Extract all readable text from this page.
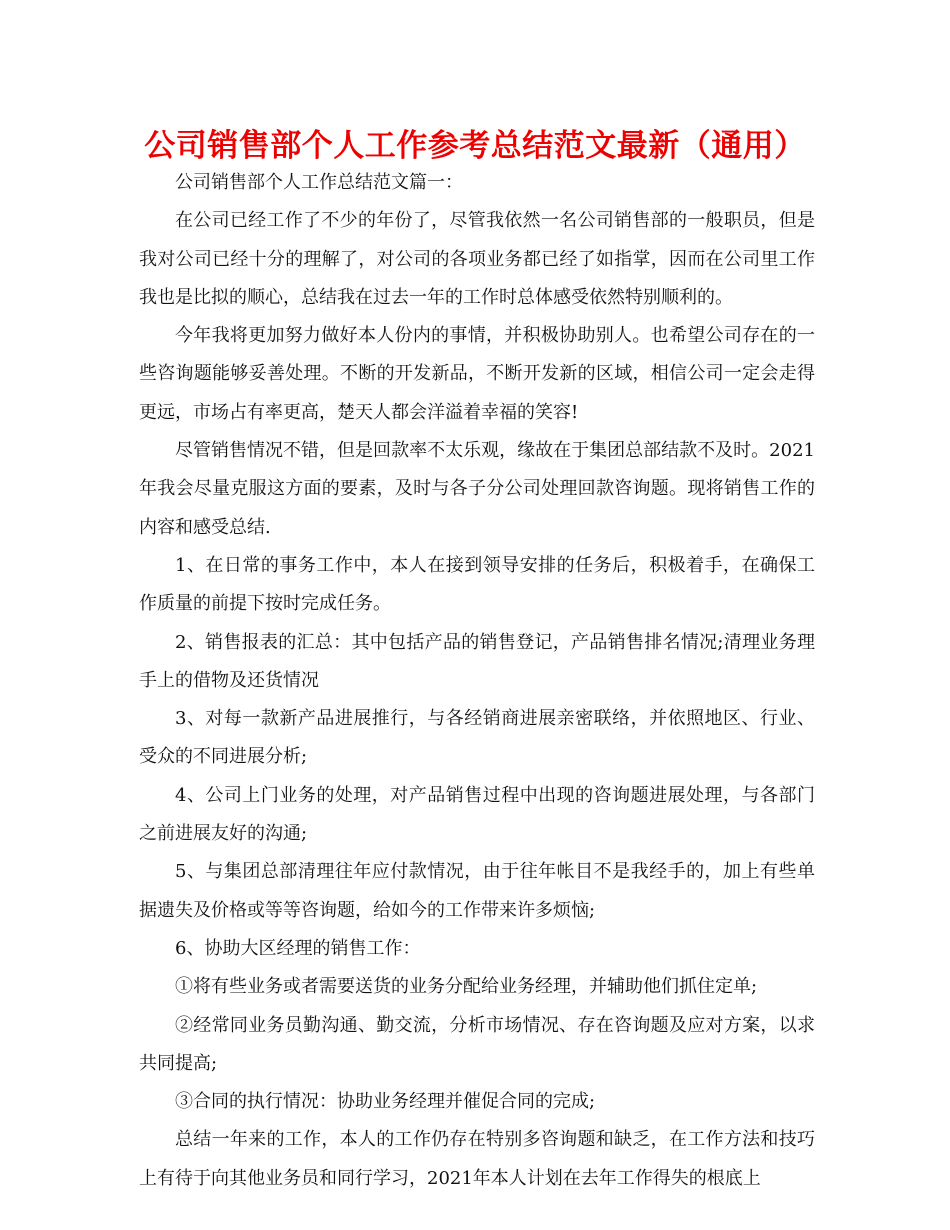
公司销售部个人工作参考总结范文最新（通用）

公司销售部个人工作总结范文篇一：

在公司已经工作了不少的年份了，尽管我依然一名公司销售部的一般职员，但是我对公司已经十分的理解了，对公司的各项业务都已经了如指掌，因而在公司里工作我也是比拟的顺心，总结我在过去一年的工作时总体感受依然特别顺利的。

今年我将更加努力做好本人份内的事情，并积极协助别人。也希望公司存在的一些咨询题能够妥善处理。不断的开发新品，不断开发新的区域，相信公司一定会走得更远，市场占有率更高，楚天人都会洋溢着幸福的笑容!

尽管销售情况不错，但是回款率不太乐观，缘故在于集团总部结款不及时。2021年我会尽量克服这方面的要素，及时与各子分公司处理回款咨询题。现将销售工作的内容和感受总结.

1、在日常的事务工作中，本人在接到领导安排的任务后，积极着手，在确保工作质量的前提下按时完成任务。

2、销售报表的汇总：其中包括产品的销售登记，产品销售排名情况;清理业务理手上的借物及还货情况

3、对每一款新产品进展推行，与各经销商进展亲密联络，并依照地区、行业、受众的不同进展分析;

4、公司上门业务的处理，对产品销售过程中出现的咨询题进展处理，与各部门之前进展友好的沟通;

5、与集团总部清理往年应付款情况，由于往年帐目不是我经手的，加上有些单据遗失及价格或等等咨询题，给如今的工作带来许多烦恼;

6、协助大区经理的销售工作：

①将有些业务或者需要送货的业务分配给业务经理，并辅助他们抓住定单;

②经常同业务员勤沟通、勤交流，分析市场情况、存在咨询题及应对方案，以求共同提高;

③合同的执行情况：协助业务经理并催促合同的完成;

总结一年来的工作，本人的工作仍存在特别多咨询题和缺乏，在工作方法和技巧上有待于向其他业务员和同行学习，2021年本人计划在去年工作得失的根底上
